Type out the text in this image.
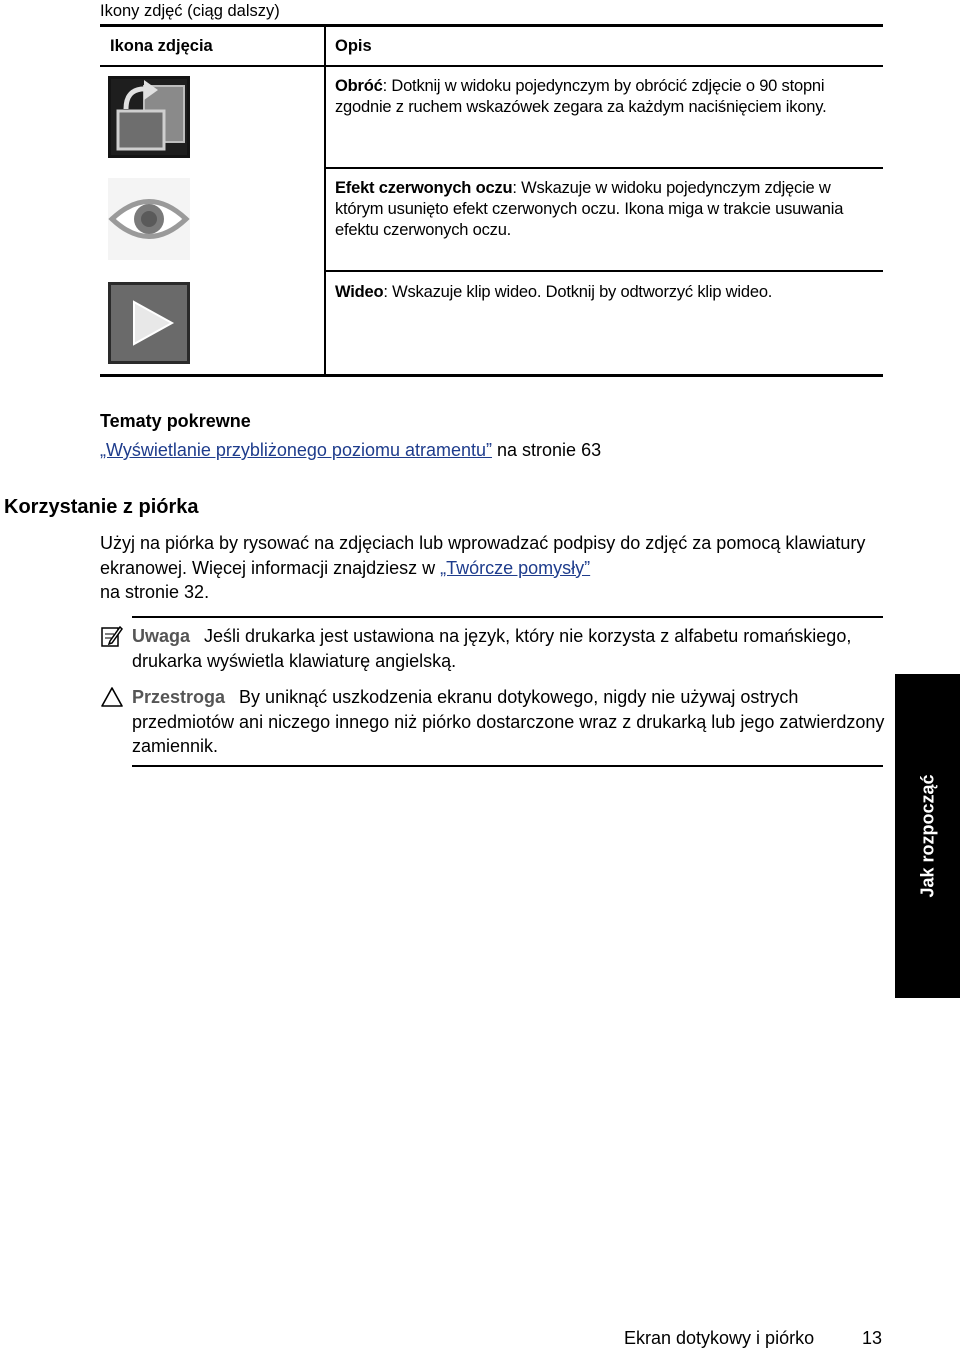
Ikony zdjęć (ciąg dalszy)
Ikona zdjęcia	Opis
Obróć: Dotknij w widoku pojedynczym by obrócić zdjęcie o 90 stopni zgodnie z ruchem wskazówek zegara za każdym naciśnięciem ikony.
Efekt czerwonych oczu: Wskazuje w widoku pojedynczym zdjęcie w którym usunięto efekt czerwonych oczu. Ikona miga w trakcie usuwania efektu czerwonych oczu.
Wideo: Wskazuje klip wideo. Dotknij by odtworzyć klip wideo.
Tematy pokrewne
„Wyświetlanie przybliżonego poziomu atramentu” na stronie 63
Korzystanie z piórka
Użyj na piórka by rysować na zdjęciach lub wprowadzać podpisy do zdjęć za pomocą klawiatury ekranowej. Więcej informacji znajdziesz w „Twórcze pomysły”
na stronie 32.
Uwaga Jeśli drukarka jest ustawiona na język, który nie korzysta z alfabetu romańskiego, drukarka wyświetla klawiaturę angielską.
Przestroga By uniknąć uszkodzenia ekranu dotykowego, nigdy nie używaj ostrych przedmiotów ani niczego innego niż piórko dostarczone wraz z drukarką lub jego zatwierdzony zamiennik.
Jak rozpocząć
Ekran dotykowy i piórko	13
